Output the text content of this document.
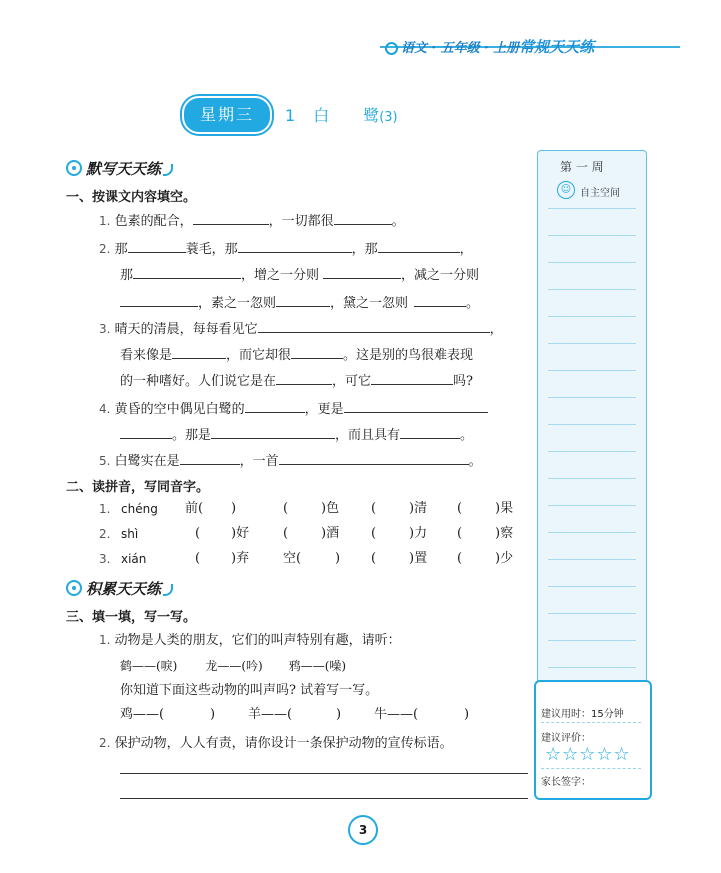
语文 · 五年级 · 上册常规天天练
星期三	1 白 鹭(3)
第 一 周
☺ 自主空间
建议用时：15分钟
建议评价：
☆☆☆☆☆
家长签字：
默写天天练
一、按课文内容填空。
1. 色素的配合，	，一切都很	。
2. 那	蓑毛，那	，那	，
那	，增之一分则	，减之一分则
，素之一忽则	，黛之一忽则	。
3. 晴天的清晨，每每看见它	，
看来像是	，而它却很	。这是别的鸟很难表现
的一种嗜好。人们说它是在	，可它	吗?
4. 黄昏的空中偶见白鹭的	，更是
。那是	，而且具有	。
5. 白鹭实在是	，一首	。
二、读拼音，写同音字。
1. chéng 前( )	(	)色 (	)清 (	)果
2. shì	( )好	(	)酒 (	)力 (	)察
3. xián	( )弃	空(	) (	)置 (	)少
积累天天练
三、填一填，写一写。
1. 动物是人类的朋友，它们的叫声特别有趣，请听：
鹤——(唳) 龙——(吟) 鸦——(噪)
你知道下面这些动物的叫声吗? 试着写一写。
鸡——(	)	羊——(	)	牛——(	)
2. 保护动物，人人有责，请你设计一条保护动物的宣传标语。
3
